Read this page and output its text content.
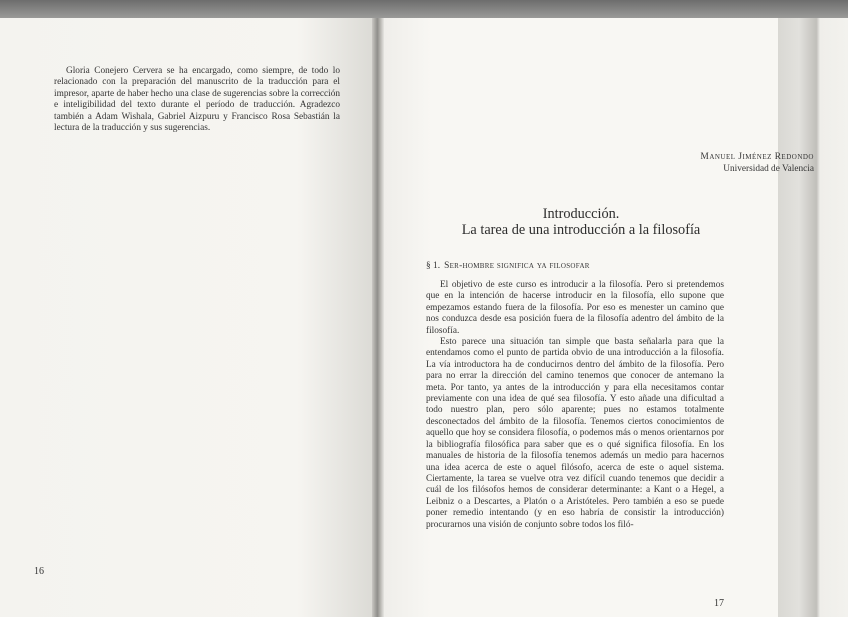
Gloria Conejero Cervera se ha encargado, como siempre, de todo lo relacionado con la preparación del manuscrito de la traducción para el impresor, aparte de haber hecho una clase de sugerencias sobre la corrección e inteligibilidad del texto durante el período de traducción. Agradezco también a Adam Wishala, Gabriel Aizpuru y Francisco Rosa Sebastián la lectura de la traducción y sus sugerencias.

Manuel Jiménez Redondo
Universidad de Valencia
16
Introducción.
La tarea de una introducción a la filosofía
§ 1. Ser-hombre significa ya filosofar

El objetivo de este curso es introducir a la filosofía. Pero si pretendemos que en la intención de hacerse introducir en la filosofía, ello supone que empezamos estando fuera de la filosofía. Por eso es menester un camino que nos conduzca desde esa posición fuera de la filosofía adentro del ámbito de la filosofía.

Esto parece una situación tan simple que basta señalarla para que la entendamos como el punto de partida obvio de una introducción a la filosofía. La vía introductora ha de conducirnos dentro del ámbito de la filosofía. Pero para no errar la dirección del camino tenemos que conocer de antemano la meta. Por tanto, ya antes de la introducción y para ella necesitamos contar previamente con una idea de qué sea filosofía. Y esto añade una dificultad a todo nuestro plan, pero sólo aparente; pues no estamos totalmente desconectados del ámbito de la filosofía. Tenemos ciertos conocimientos de aquello que hoy se considera filosofía, o podemos más o menos orientarnos por la bibliografía filosófica para saber que es o qué significa filosofía. En los manuales de historia de la filosofía tenemos además un medio para hacernos una idea acerca de este o aquel filósofo, acerca de este o aquel sistema. Ciertamente, la tarea se vuelve otra vez difícil cuando tenemos que decidir a cuál de los filósofos hemos de considerar determinante: a Kant o a Hegel, a Leibniz o a Descartes, a Platón o a Aristóteles. Pero también a eso se puede poner remedio intentando (y en eso habría de consistir la introducción) procurarnos una visión de conjunto sobre todos los filó-

17
